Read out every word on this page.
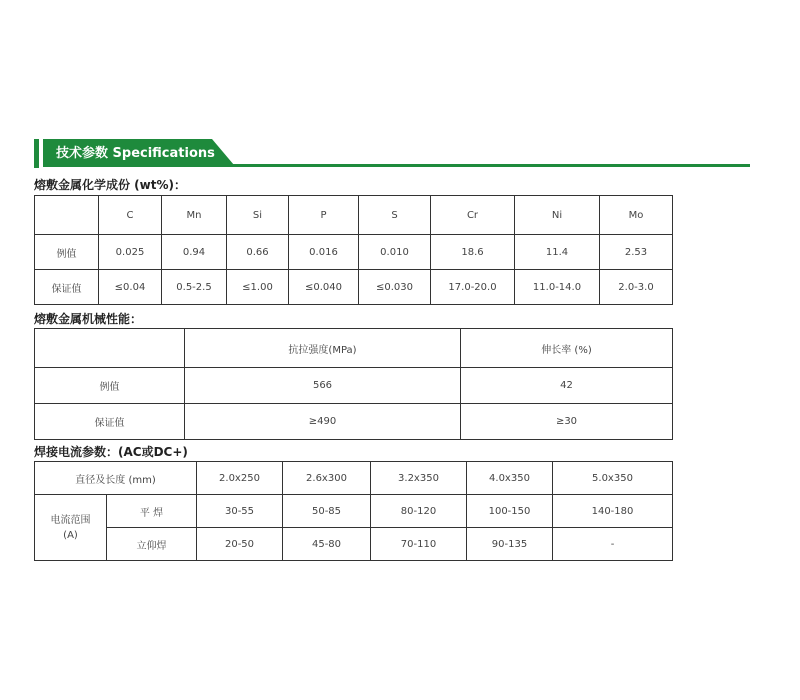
技术参数 Specifications
熔敷金属化学成份 (wt%)：
	C	Mn	Si	P	S	Cr	Ni	Mo
例值	0.025	0.94	0.66	0.016	0.010	18.6	11.4	2.53
保证值	≤0.04	0.5-2.5	≤1.00	≤0.040	≤0.030	17.0-20.0	11.0-14.0	2.0-3.0
熔敷金属机械性能：
	抗拉强度(MPa)	伸长率 (%)
例值	566	42
保证值	≥490	≥30
焊接电流参数：(AC或DC+)
直径及长度 (mm)		2.0x250	2.6x300	3.2x350	4.0x350	5.0x350
电流范围
(A)	平 焊	30-55	50-85	80-120	100-150	140-180
	立仰焊	20-50	45-80	70-110	90-135	-
